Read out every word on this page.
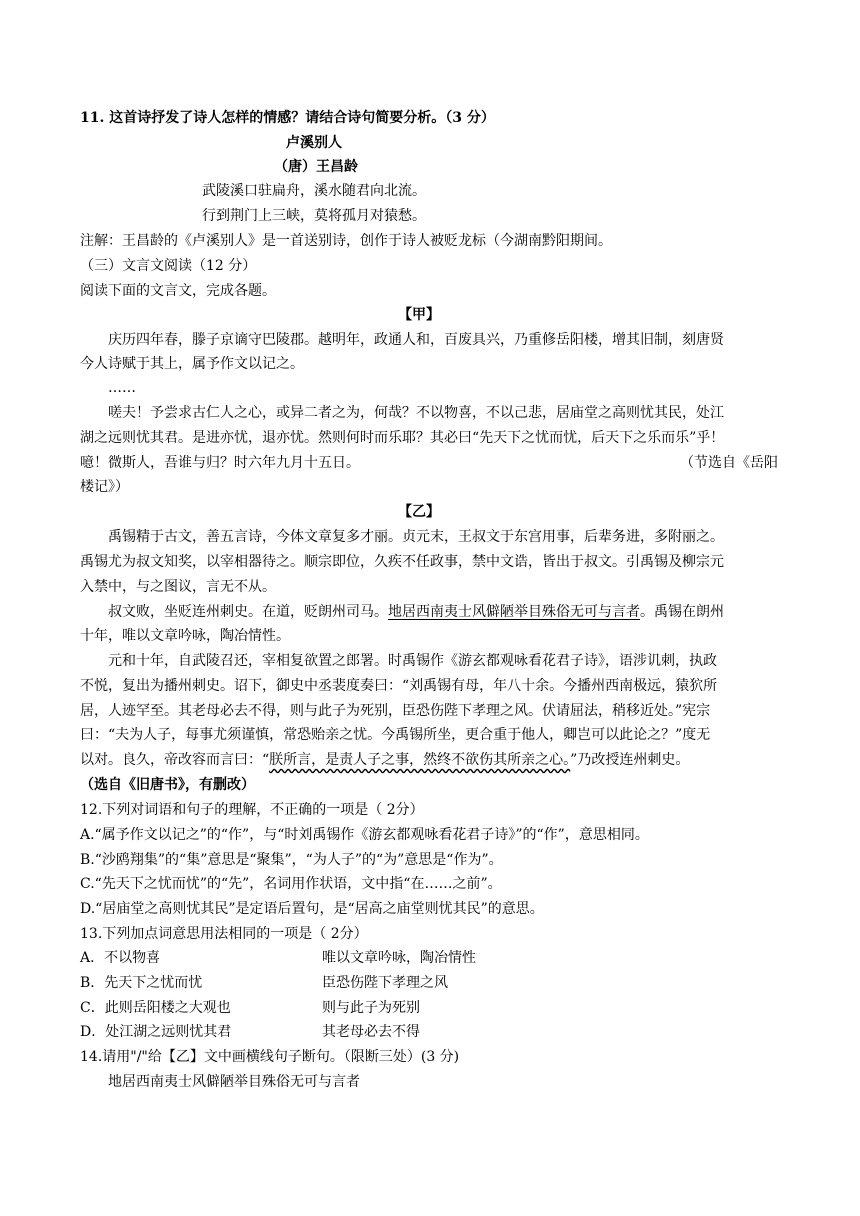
11. 这首诗抒发了诗人怎样的情感？请结合诗句简要分析。（3 分）
卢溪别人
（唐）王昌龄
武陵溪口驻扁舟，溪水随君向北流。
行到荆门上三峡，莫将孤月对猿愁。
注解：王昌龄的《卢溪别人》是一首送别诗，创作于诗人被贬龙标（今湖南黔阳期间。
（三）文言文阅读（12 分）
阅读下面的文言文，完成各题。
【甲】
庆历四年春，滕子京谪守巴陵郡。越明年，政通人和，百废具兴，乃重修岳阳楼，增其旧制，刻唐贤
今人诗赋于其上，属予作文以记之。
……
嗟夫！予尝求古仁人之心，或异二者之为，何哉？不以物喜，不以己悲，居庙堂之高则忧其民，处江
湖之远则忧其君。是进亦忧，退亦忧。然则何时而乐耶？其必曰“先天下之忧而忧，后天下之乐而乐”乎！
噫！微斯人，吾谁与归？时六年九月十五日。	（节选自《岳阳
楼记》）
【乙】
禹锡精于古文，善五言诗，今体文章复多才丽。贞元末，王叔文于东宫用事，后辈务进，多附丽之。
禹锡尤为叔文知奖，以宰相器待之。顺宗即位，久疾不任政事，禁中文诰，皆出于叔文。引禹锡及柳宗元
入禁中，与之图议，言无不从。
叔文败，坐贬连州刺史。在道，贬朗州司马。地居西南夷士风僻陋举目殊俗无可与言者。禹锡在朗州
十年，唯以文章吟咏，陶冶情性。
元和十年，自武陵召还，宰相复欲置之郎署。时禹锡作《游玄都观咏看花君子诗》，语涉讥刺，执政
不悦，复出为播州刺史。诏下，御史中丞裴度奏曰：“刘禹锡有母，年八十余。今播州西南极远，猿狖所
居，人迹罕至。其老母必去不得，则与此子为死别，臣恐伤陛下孝理之风。伏请屈法，稍移近处。”宪宗
曰：“夫为人子，每事尤须谨慎，常恐贻亲之忧。今禹锡所坐，更合重于他人，卿岂可以此论之？”度无
以对。良久，帝改容而言曰：“朕所言，是责人子之事，然终不欲伤其所亲之心。”乃改授连州刺史。
（选自《旧唐书》，有删改）
12.下列对词语和句子的理解，不正确的一项是（ 2分）
A.“属予作文以记之”的“作”，与“时刘禹锡作《游玄都观咏看花君子诗》”的“作”，意思相同。
B.“沙鸥翔集”的“集”意思是“聚集”，“为人子”的“为”意思是“作为”。
C.“先天下之忧而忧”的“先”，名词用作状语，文中指“在……之前”。
D.“居庙堂之高则忧其民”是定语后置句，是“居高之庙堂则忧其民”的意思。
13.下列加点词意思用法相同的一项是（ 2分）
A．不以物喜	唯以文章吟咏，陶冶情性
B．先天下之忧而忧	臣恐伤陛下孝理之风
C．此则岳阳楼之大观也	则与此子为死别
D．处江湖之远则忧其君	其老母必去不得
14.请用"/"给【乙】文中画横线句子断句。（限断三处）(3 分)
地居西南夷士风僻陋举目殊俗无可与言者
